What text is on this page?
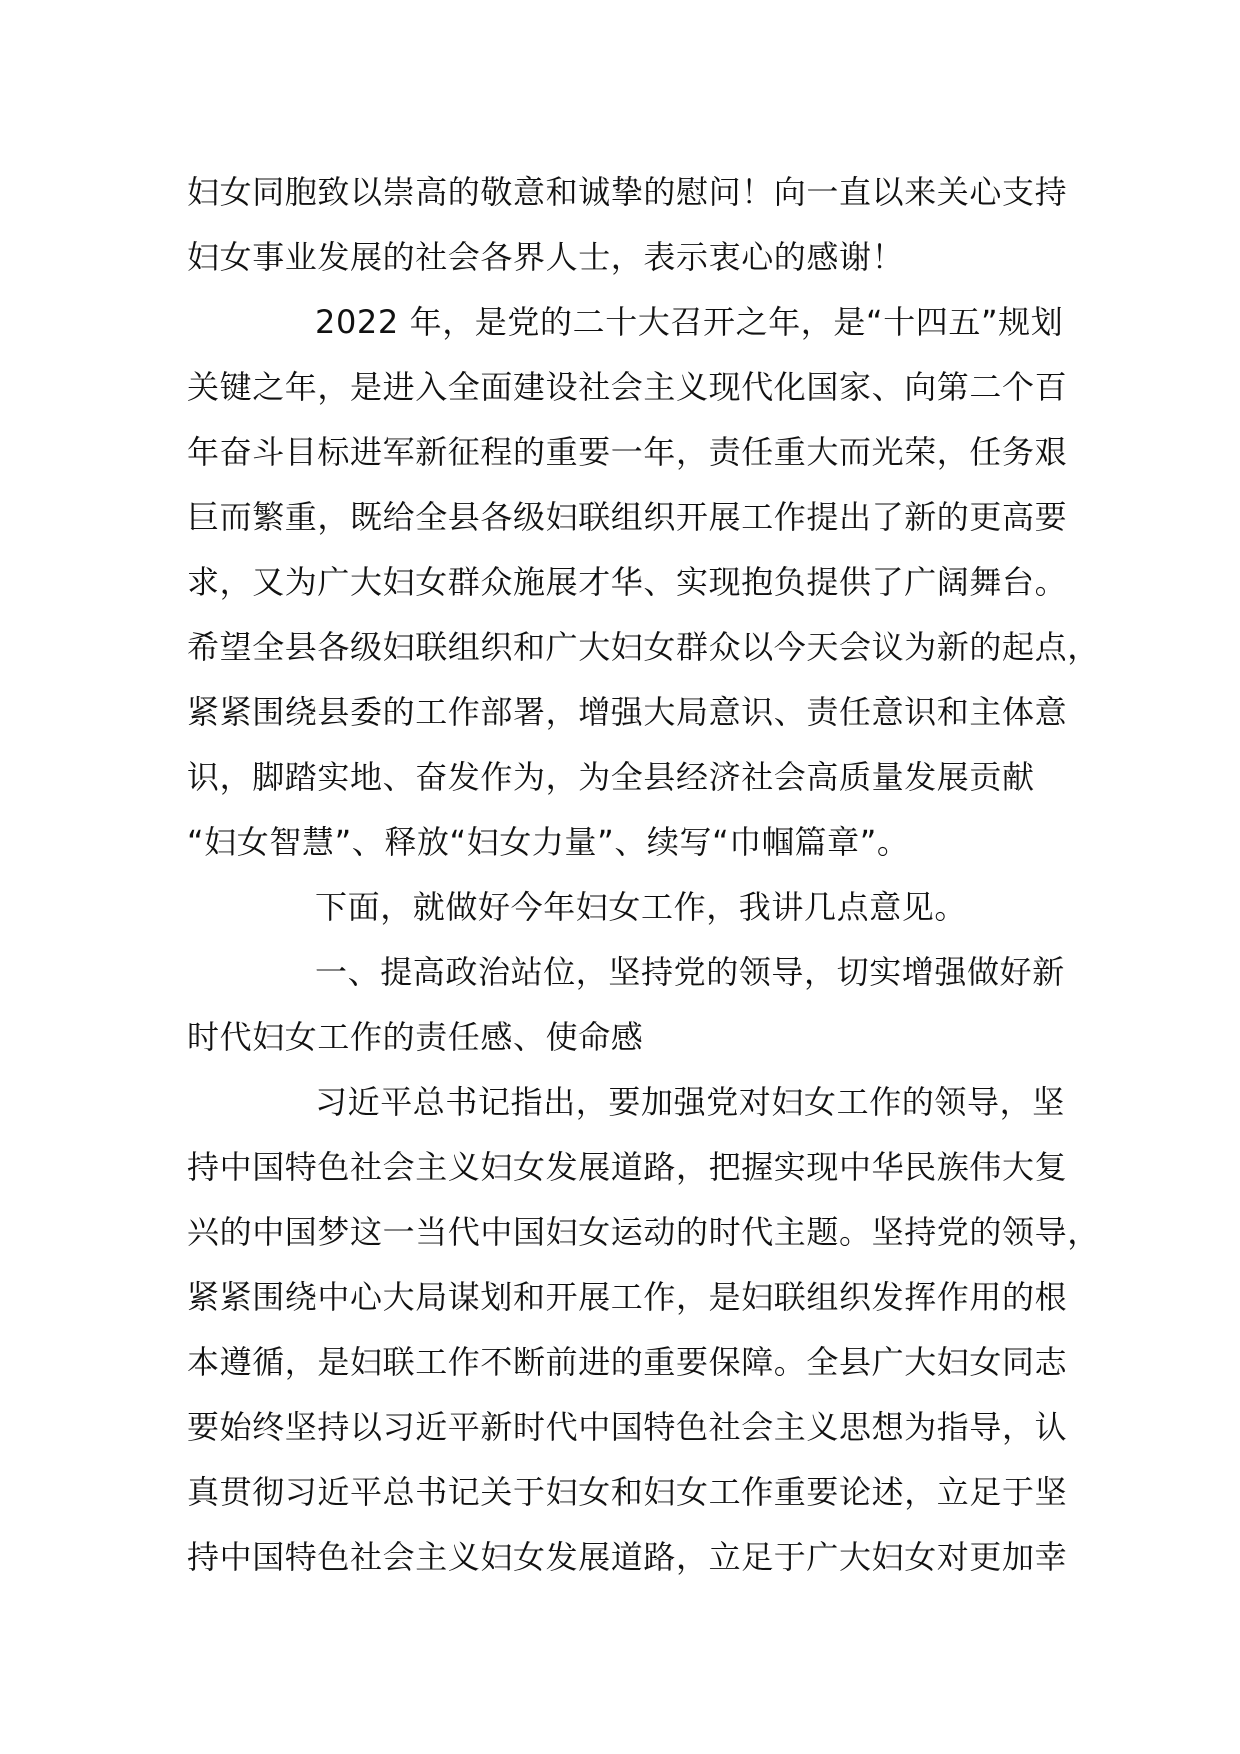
妇女同胞致以崇高的敬意和诚挚的慰问！向一直以来关心支持
妇女事业发展的社会各界人士，表示衷心的感谢！
2022 年，是党的二十大召开之年，是“十四五”规划
关键之年，是进入全面建设社会主义现代化国家、向第二个百
年奋斗目标进军新征程的重要一年，责任重大而光荣，任务艰
巨而繁重，既给全县各级妇联组织开展工作提出了新的更高要
求，又为广大妇女群众施展才华、实现抱负提供了广阔舞台。
希望全县各级妇联组织和广大妇女群众以今天会议为新的起点，
紧紧围绕县委的工作部署，增强大局意识、责任意识和主体意
识，脚踏实地、奋发作为，为全县经济社会高质量发展贡献
“妇女智慧”、释放“妇女力量”、续写“巾帼篇章”。
下面，就做好今年妇女工作，我讲几点意见。
一、提高政治站位，坚持党的领导，切实增强做好新
时代妇女工作的责任感、使命感
习近平总书记指出，要加强党对妇女工作的领导，坚
持中国特色社会主义妇女发展道路，把握实现中华民族伟大复
兴的中国梦这一当代中国妇女运动的时代主题。坚持党的领导，
紧紧围绕中心大局谋划和开展工作，是妇联组织发挥作用的根
本遵循，是妇联工作不断前进的重要保障。全县广大妇女同志
要始终坚持以习近平新时代中国特色社会主义思想为指导，认
真贯彻习近平总书记关于妇女和妇女工作重要论述，立足于坚
持中国特色社会主义妇女发展道路，立足于广大妇女对更加幸
